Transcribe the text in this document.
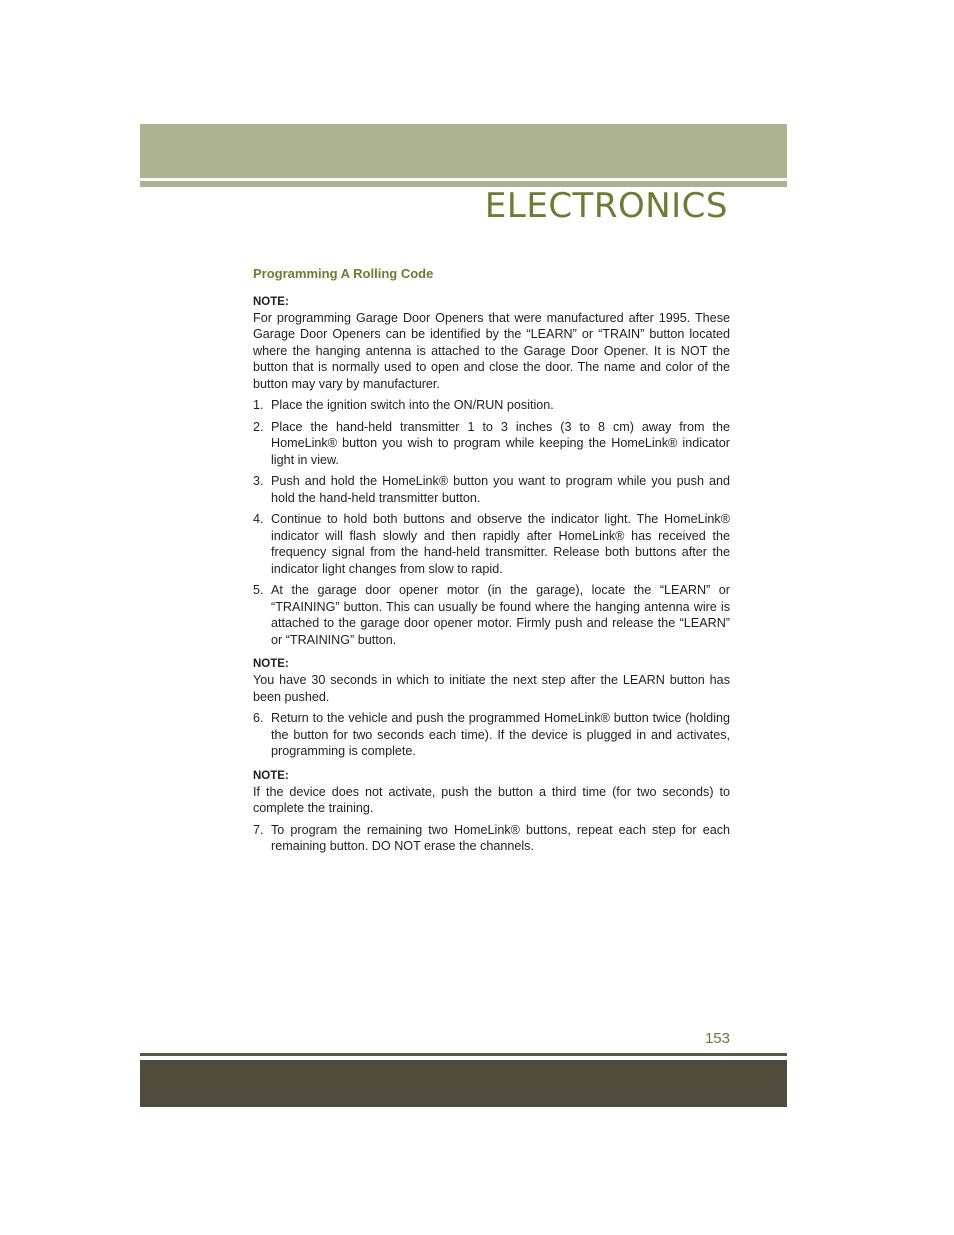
ELECTRONICS
Programming A Rolling Code

NOTE:

For programming Garage Door Openers that were manufactured after 1995. These Garage Door Openers can be identified by the “LEARN” or “TRAIN” button located where the hanging antenna is attached to the Garage Door Opener. It is NOT the button that is normally used to open and close the door. The name and color of the button may vary by manufacturer.

1. Place the ignition switch into the ON/RUN position.
2. Place the hand-held transmitter 1 to 3 inches (3 to 8 cm) away from the HomeLink® button you wish to program while keeping the HomeLink® indicator light in view.
3. Push and hold the HomeLink® button you want to program while you push and hold the hand-held transmitter button.
4. Continue to hold both buttons and observe the indicator light. The HomeLink® indicator will flash slowly and then rapidly after HomeLink® has received the frequency signal from the hand-held transmitter. Release both buttons after the indicator light changes from slow to rapid.
5. At the garage door opener motor (in the garage), locate the “LEARN” or “TRAINING” button. This can usually be found where the hanging antenna wire is attached to the garage door opener motor. Firmly push and release the “LEARN” or “TRAINING” button.

NOTE:

You have 30 seconds in which to initiate the next step after the LEARN button has been pushed.

6. Return to the vehicle and push the programmed HomeLink® button twice (holding the button for two seconds each time). If the device is plugged in and activates, programming is complete.

NOTE:

If the device does not activate, push the button a third time (for two seconds) to complete the training.

7. To program the remaining two HomeLink® buttons, repeat each step for each remaining button. DO NOT erase the channels.
153
